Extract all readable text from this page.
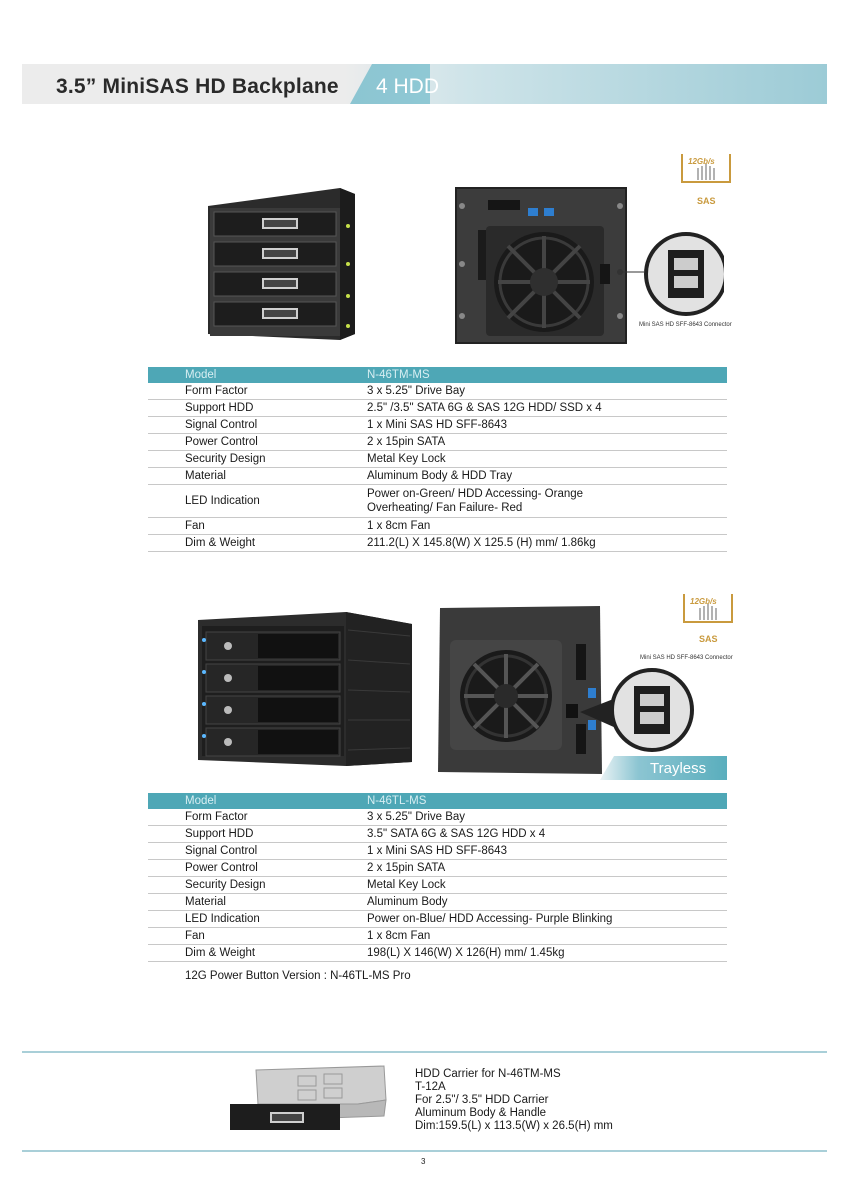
3.5” MiniSAS HD Backplane 4 HDD
Mini SAS HD SFF-8643 Connector
12Gb/s
SAS
Model	N-46TM-MS
Form Factor	3 x 5.25" Drive Bay
Support HDD	2.5" /3.5" SATA 6G & SAS 12G HDD/ SSD x 4
Signal Control	1 x Mini SAS HD SFF-8643
Power Control	2 x 15pin SATA
Security Design	Metal Key Lock
Material	Aluminum Body & HDD Tray
LED Indication	Power on-Green/ HDD Accessing- Orange
Overheating/ Fan Failure- Red

Fan	1 x 8cm Fan
Dim & Weight	211.2(L) X 145.8(W) X 125.5 (H) mm/ 1.86kg
Mini SAS HD SFF-8643 Connector
12Gb/s
SAS
Trayless
Model	N-46TL-MS
Form Factor	3 x 5.25" Drive Bay
Support HDD	3.5" SATA 6G & SAS 12G HDD x 4
Signal Control	1 x Mini SAS HD SFF-8643
Power Control	2 x 15pin SATA
Security Design	Metal Key Lock
Material	Aluminum Body
LED Indication	Power on-Blue/ HDD Accessing- Purple Blinking
Fan	1 x 8cm Fan
Dim & Weight	198(L) X 146(W) X 126(H) mm/ 1.45kg
12G Power Button Version : N-46TL-MS Pro
HDD Carrier for N-46TM-MS
T-12A
For 2.5"/ 3.5" HDD Carrier
Aluminum Body & Handle
Dim:159.5(L) x 113.5(W) x 26.5(H) mm
3
